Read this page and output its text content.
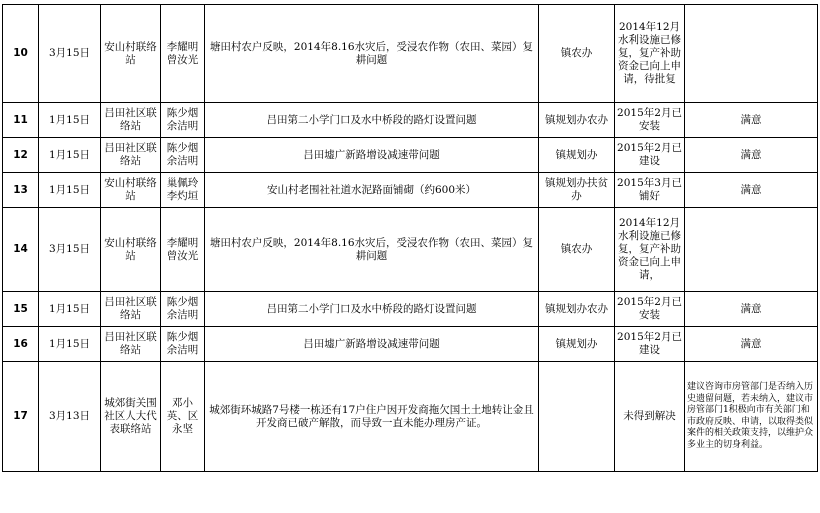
10	3月15日	安山村联络站	李耀明曾汝光	塘田村农户反映，2014年8.16水灾后，受浸农作物（农田、菜园）复耕问题	镇农办	2014年12月水利设施已修复，复产补助资金已向上申请，待批复	
11	1月15日	吕田社区联络站	陈少烟余洁明	吕田第二小学门口及水中桥段的路灯设置问题	镇规划办农办	2015年2月已安装	满意
12	1月15日	吕田社区联络站	陈少烟余洁明	吕田墟广新路增设减速带问题	镇规划办	2015年2月已建设	满意
13	1月15日	安山村联络站	巢佩玲李灼垣	安山村老围社社道水泥路面铺砌（约600米）	镇规划办扶贫办	2015年3月已铺好	满意
14	3月15日	安山村联络站	李耀明曾汝光	塘田村农户反映，2014年8.16水灾后，受浸农作物（农田、菜园）复耕问题	镇农办	2014年12月水利设施已修复，复产补助资金已向上申请，	
15	1月15日	吕田社区联络站	陈少烟余洁明	吕田第二小学门口及水中桥段的路灯设置问题	镇规划办农办	2015年2月已安装	满意
16	1月15日	吕田社区联络站	陈少烟余洁明	吕田墟广新路增设减速带问题	镇规划办	2015年2月已建设	满意
17	3月13日	城郊街关围社区人大代表联络站	邓小英、区永坚	城郊街环城路7号楼一栋还有17户住户因开发商拖欠国土土地转让金且开发商已破产解散，而导致一直未能办理房产证。		未得到解决	建议咨询市房管部门是否纳入历史遗留问题，若未纳入，建议市房管部门1积极向市有关部门和市政府反映、申请，以取得类似案件的相关政策支持，以维护众多业主的切身利益。
